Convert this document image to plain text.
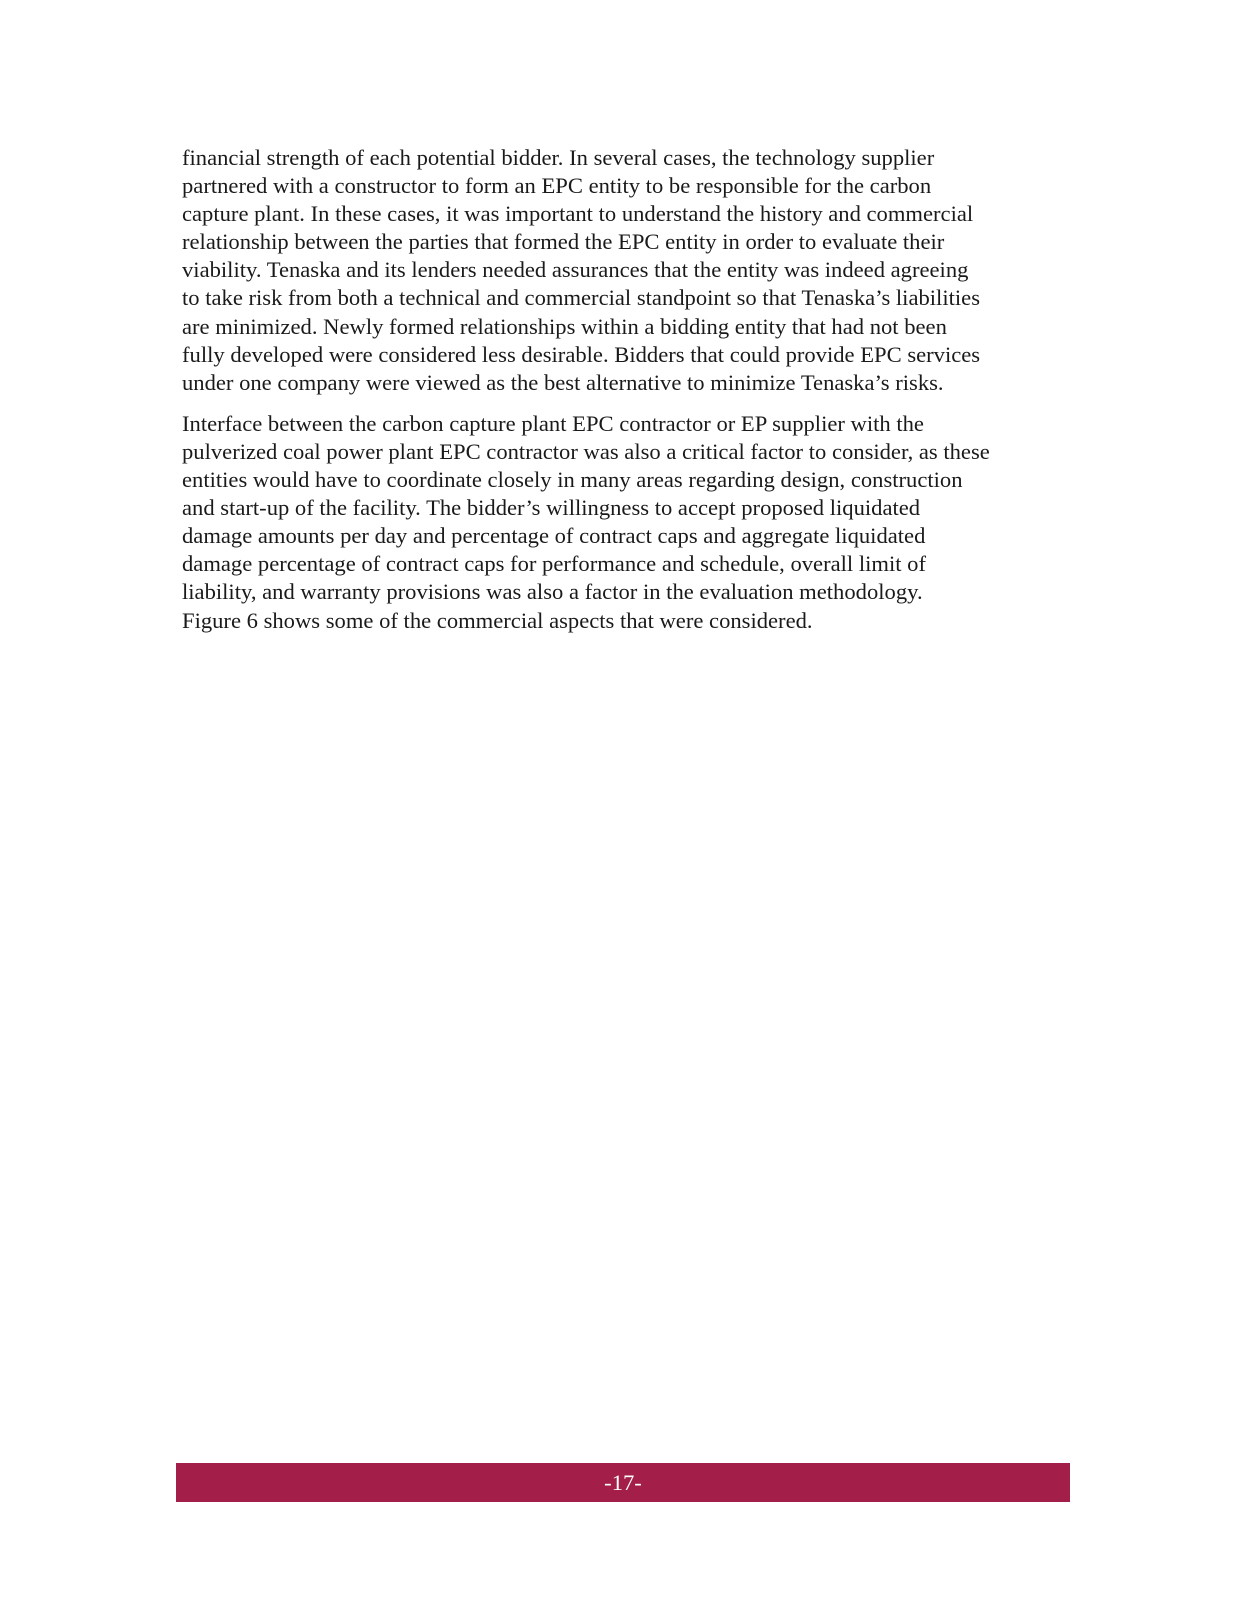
financial strength of each potential bidder. In several cases, the technology supplier
partnered with a constructor to form an EPC entity to be responsible for the carbon
capture plant. In these cases, it was important to understand the history and commercial
relationship between the parties that formed the EPC entity in order to evaluate their
viability. Tenaska and its lenders needed assurances that the entity was indeed agreeing
to take risk from both a technical and commercial standpoint so that Tenaska’s liabilities
are minimized. Newly formed relationships within a bidding entity that had not been
fully developed were considered less desirable. Bidders that could provide EPC services
under one company were viewed as the best alternative to minimize Tenaska’s risks.

Interface between the carbon capture plant EPC contractor or EP supplier with the
pulverized coal power plant EPC contractor was also a critical factor to consider, as these
entities would have to coordinate closely in many areas regarding design, construction
and start-up of the facility. The bidder’s willingness to accept proposed liquidated
damage amounts per day and percentage of contract caps and aggregate liquidated
damage percentage of contract caps for performance and schedule, overall limit of
liability, and warranty provisions was also a factor in the evaluation methodology.
Figure 6 shows some of the commercial aspects that were considered.

-17-
